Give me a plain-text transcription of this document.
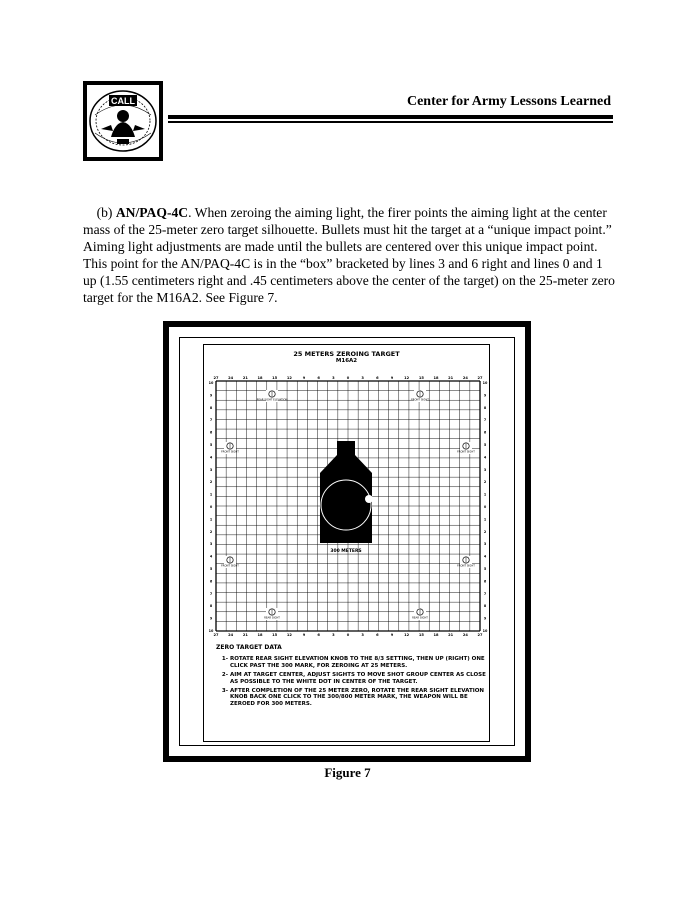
CALL	Center for Army Lessons Learned

(b) AN/PAQ-4C. When zeroing the aiming light, the firer points the aiming light at the center mass of the 25-meter zero target silhouette. Bullets must hit the target at a “unique impact point.” Aiming light adjustments are made until the bullets are centered over this unique impact point. This point for the AN/PAQ-4C is in the “box” bracketed by lines 3 and 6 right and lines 0 and 1 up (1.55 centimeters right and .45 centimeters above the center of the target) on the 25-meter zero target for the M16A2. See Figure 7.

25 METERS ZEROING TARGET
M16A2
27	24	21	18	15	12	9	6	3	0	3	6	9	12	15	18	21	24	27
27	24	21	18	15	12	9	6	3	0	3	6	9	12	15	18	21	24	27
10	10
9	9
8	8
7	7
6	6
5	5
4	4
3	3
2	2
1	1
0	0
1	1
2	2
3	3
4	4
5	5
6	6
7	7
8	8
9	9
10	10
300 METERS
REAR SIGHT ELEVATION	FRONT SIGHT
FRONT SIGHT	FRONT SIGHT
FRONT SIGHT	FRONT SIGHT
REAR SIGHT	REAR SIGHT
ZERO TARGET DATA
1- ROTATE REAR SIGHT ELEVATION KNOB TO THE 8/3 SETTING, THEN UP (RIGHT) ONE CLICK PAST THE 300 MARK, FOR ZEROING AT 25 METERS.
2- AIM AT TARGET CENTER, ADJUST SIGHTS TO MOVE SHOT GROUP CENTER AS CLOSE AS POSSIBLE TO THE WHITE DOT IN CENTER OF THE TARGET.
3- AFTER COMPLETION OF THE 25 METER ZERO, ROTATE THE REAR SIGHT ELEVATION KNOB BACK ONE CLICK TO THE 300/800 METER MARK, THE WEAPON WILL BE ZEROED FOR 300 METERS.
Figure 7
